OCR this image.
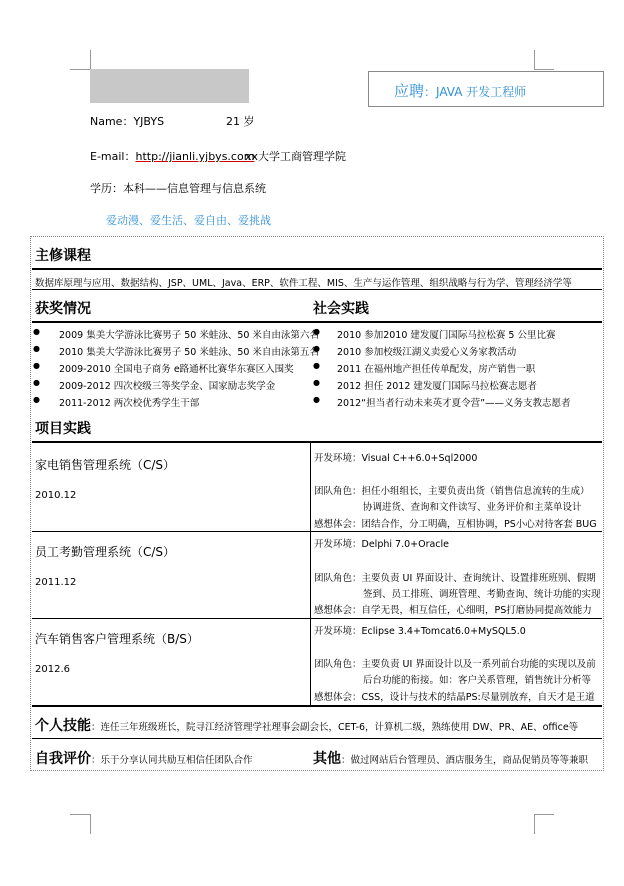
应聘：JAVA 开发工程师
Name：YJBYS	21 岁
E-mail：http://jianli.yjbys.com
xx大学工商管理学院
学历：本科——信息管理与信息系统
爱动漫、爱生活、爱自由、爱挑战
主修课程
数据库原理与应用、数据结构、JSP、UML、Java、ERP、软件工程、MIS、生产与运作管理、组织战略与行为学、管理经济学等
获奖情况	社会实践
● 2009 集美大学游泳比赛男子 50 米蛙泳、50 米自由泳第六名
● 2010 集美大学游泳比赛男子 50 米蛙泳、50 米自由泳第五名
● 2009-2010 全国电子商务 e路通杯比赛华东赛区入围奖
● 2009-2012 四次校级三等奖学金、国家励志奖学金
● 2011-2012 两次校优秀学生干部
● 2010 参加2010 建发厦门国际马拉松赛 5 公里比赛
● 2010 参加校级江湖义卖爱心义务家教活动
● 2011 在福州地产担任传单配发，房产销售一职
● 2012 担任 2012 建发厦门国际马拉松赛志愿者
● 2012“担当者行动未来英才夏令营”——义务支教志愿者
项目实践
家电销售管理系统（C/S）
2010.12
开发环境：Visual C++6.0+Sql2000
团队角色：担任小组组长，主要负责出货（销售信息流转的生成）
协调进货、查询和文件读写、业务评价和主菜单设计
感想体会：团结合作，分工明确，互相协调，PS小心对待客套 BUG
员工考勤管理系统（C/S）
2011.12
开发环境：Delphi 7.0+Oracle
团队角色：主要负责 UI 界面设计、查询统计、设置排班班别、假期
签到、员工排班、调班管理、考勤查询、统计功能的实现
感想体会：自学无畏，相互信任，心细明，PS打磨协同提高效能力
汽车销售客户管理系统（B/S）
2012.6
开发环境：Eclipse 3.4+Tomcat6.0+MySQL5.0
团队角色：主要负责 UI 界面设计以及一系列前台功能的实现以及前
后台功能的衔接。如：客户关系管理，销售统计分析等
感想体会：CSS，设计与技术的结晶PS:尽量别放弃，自天才是王道
个人技能：连任三年班级班长，院寻江经济管理学社理事会副会长，CET-6，计算机二级，熟练使用 DW、PR、AE、office等
自我评价：乐于分享认同共励互相信任团队合作	其他：做过网站后台管理员、酒店服务生，商品促销员等等兼职
